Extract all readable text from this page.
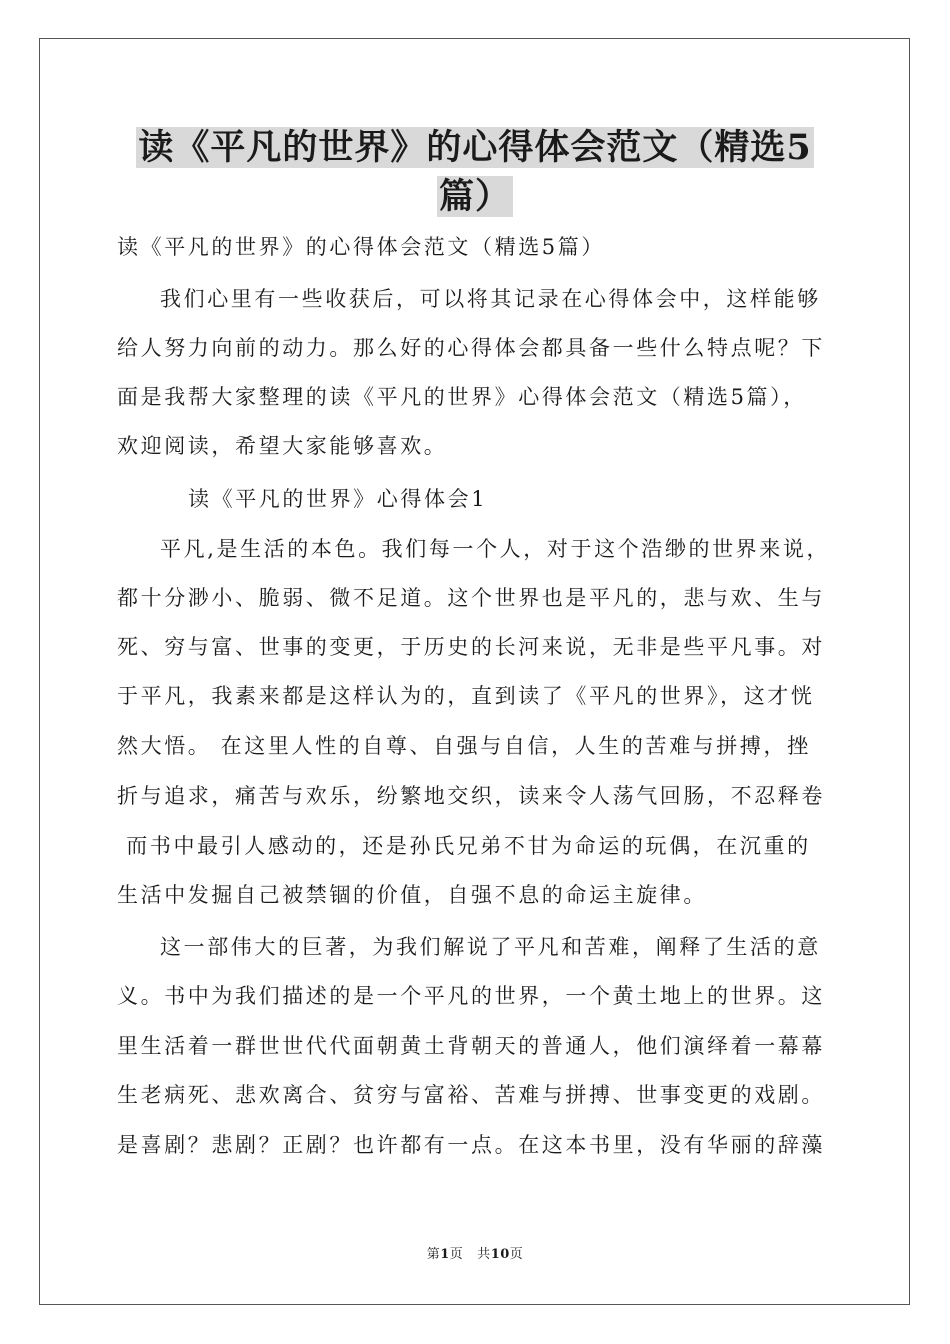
读《平凡的世界》的心得体会范文（精选5
篇）
读《平凡的世界》的心得体会范文（精选5篇）
我们心里有一些收获后，可以将其记录在心得体会中，这样能够
给人努力向前的动力。那么好的心得体会都具备一些什么特点呢？下
面是我帮大家整理的读《平凡的世界》心得体会范文（精选5篇），
欢迎阅读，希望大家能够喜欢。
读《平凡的世界》心得体会1
平凡,是生活的本色。我们每一个人，对于这个浩缈的世界来说，
都十分渺小、脆弱、微不足道。这个世界也是平凡的，悲与欢、生与
死、穷与富、世事的变更，于历史的长河来说，无非是些平凡事。对
于平凡，我素来都是这样认为的，直到读了《平凡的世界》，这才恍
然大悟。 在这里人性的自尊、自强与自信，人生的苦难与拼搏，挫
折与追求，痛苦与欢乐，纷繁地交织，读来令人荡气回肠，不忍释卷
而书中最引人感动的，还是孙氏兄弟不甘为命运的玩偶，在沉重的
生活中发掘自己被禁锢的价值，自强不息的命运主旋律。
这一部伟大的巨著，为我们解说了平凡和苦难，阐释了生活的意
义。书中为我们描述的是一个平凡的世界，一个黄土地上的世界。这
里生活着一群世世代代面朝黄土背朝天的普通人，他们演绎着一幕幕
生老病死、悲欢离合、贫穷与富裕、苦难与拼搏、世事变更的戏剧。
是喜剧？悲剧？正剧？也许都有一点。在这本书里，没有华丽的辞藻
第1页 共10页
